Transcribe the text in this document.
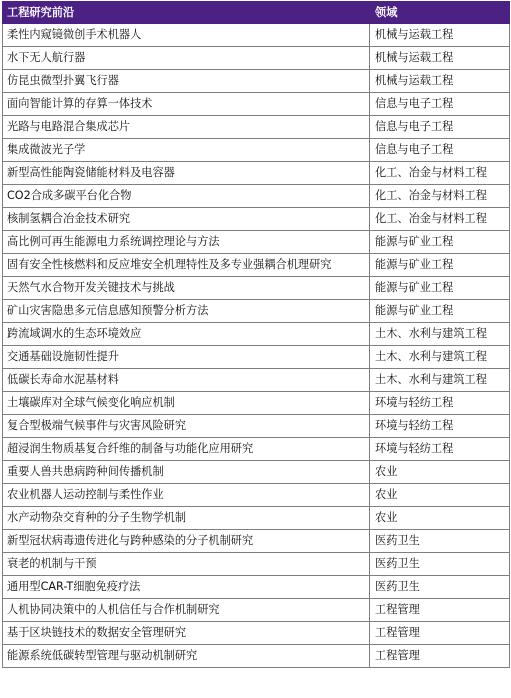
工程研究前沿	领域
柔性内窥镜微创手术机器人	机械与运载工程
水下无人航行器	机械与运载工程
仿昆虫微型扑翼飞行器	机械与运载工程
面向智能计算的存算一体技术	信息与电子工程
光路与电路混合集成芯片	信息与电子工程
集成微波光子学	信息与电子工程
新型高性能陶瓷储能材料及电容器	化工、冶金与材料工程
CO2合成多碳平台化合物	化工、冶金与材料工程
核制氢耦合冶金技术研究	化工、冶金与材料工程
高比例可再生能源电力系统调控理论与方法	能源与矿业工程
固有安全性核燃料和反应堆安全机理特性及多专业强耦合机理研究	能源与矿业工程
天然气水合物开发关键技术与挑战	能源与矿业工程
矿山灾害隐患多元信息感知预警分析方法	能源与矿业工程
跨流域调水的生态环境效应	土木、水利与建筑工程
交通基础设施韧性提升	土木、水利与建筑工程
低碳长寿命水泥基材料	土木、水利与建筑工程
土壤碳库对全球气候变化响应机制	环境与轻纺工程
复合型极端气候事件与灾害风险研究	环境与轻纺工程
超浸润生物质基复合纤维的制备与功能化应用研究	环境与轻纺工程
重要人兽共患病跨种间传播机制	农业
农业机器人运动控制与柔性作业	农业
水产动物杂交育种的分子生物学机制	农业
新型冠状病毒遗传进化与跨种感染的分子机制研究	医药卫生
衰老的机制与干预	医药卫生
通用型CAR-T细胞免疫疗法	医药卫生
人机协同决策中的人机信任与合作机制研究	工程管理
基于区块链技术的数据安全管理研究	工程管理
能源系统低碳转型管理与驱动机制研究	工程管理
